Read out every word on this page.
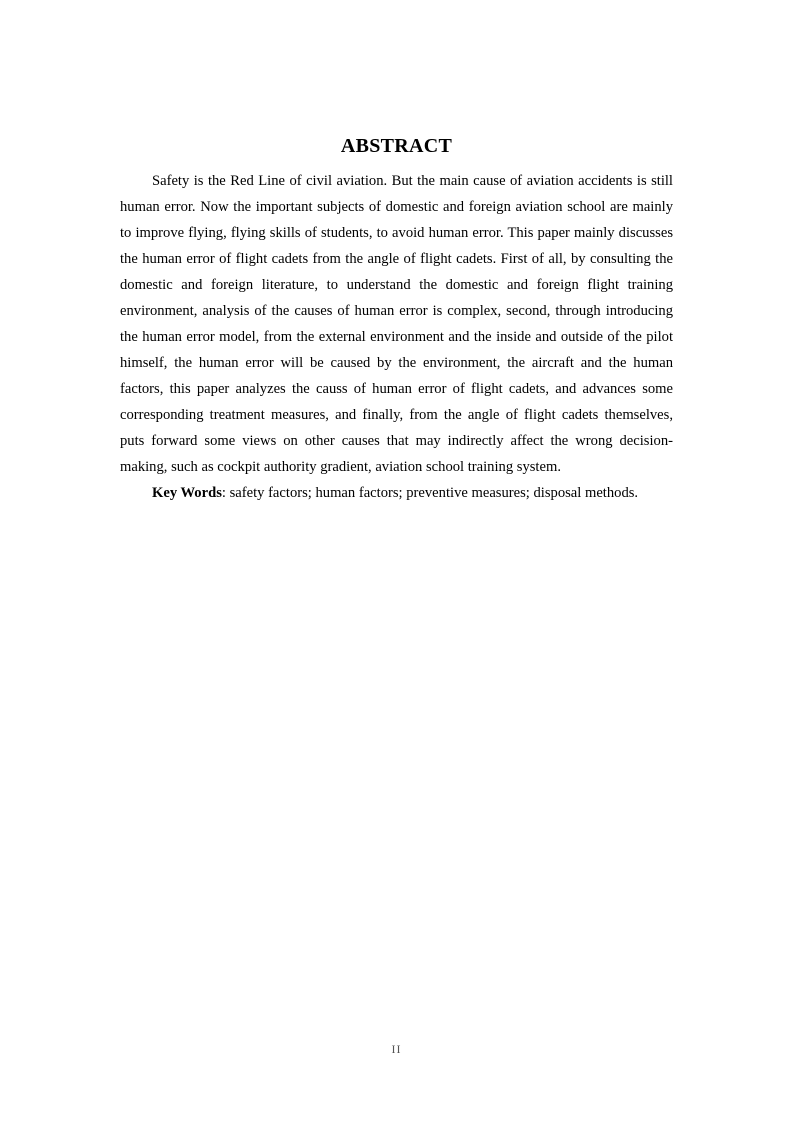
ABSTRACT

Safety is the Red Line of civil aviation. But the main cause of aviation accidents is still human error. Now the important subjects of domestic and foreign aviation school are mainly to improve flying, flying skills of students, to avoid human error. This paper mainly discusses the human error of flight cadets from the angle of flight cadets. First of all, by consulting the domestic and foreign literature, to understand the domestic and foreign flight training environment, analysis of the causes of human error is complex, second, through introducing the human error model, from the external environment and the inside and outside of the pilot himself, the human error will be caused by the environment, the aircraft and the human factors, this paper analyzes the causs of human error of flight cadets, and advances some corresponding treatment measures, and finally, from the angle of flight cadets themselves, puts forward some views on other causes that may indirectly affect the wrong decision-making, such as cockpit authority gradient, aviation school training system.

Key Words: safety factors; human factors; preventive measures; disposal methods.

II
